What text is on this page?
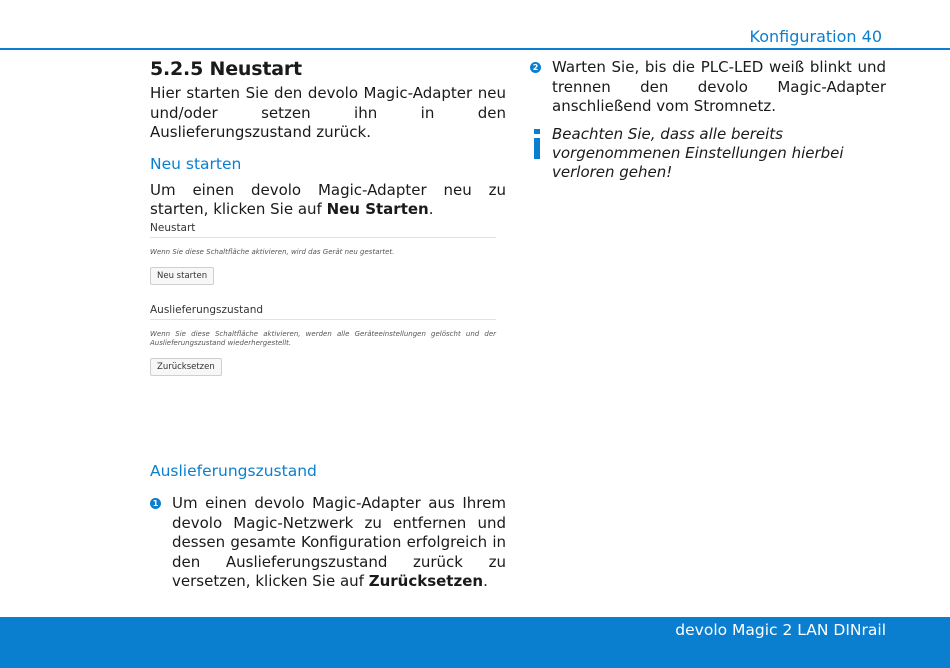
Konfiguration 40
5.2.5 Neustart

Hier starten Sie den devolo Magic-Adapter neu und/oder setzen ihn in den Auslieferungszustand zurück.

Neu starten

Um einen devolo Magic-Adapter neu zu starten, klicken Sie auf Neu Starten.

Neustart
Wenn Sie diese Schaltfläche aktivieren, wird das Gerät neu gestartet.
Neu starten
Auslieferungszustand
Wenn Sie diese Schaltfläche aktivieren, werden alle Geräteeinstellungen gelöscht und der Auslieferungszustand wiederhergestellt.
Zurücksetzen
Auslieferungszustand
1 Um einen devolo Magic-Adapter aus Ihrem devolo Magic-Netzwerk zu entfernen und dessen gesamte Konfiguration erfolgreich in den Auslieferungszustand zurück zu versetzen, klicken Sie auf Zurücksetzen.

2 Warten Sie, bis die PLC-LED weiß blinkt und trennen den devolo Magic-Adapter anschließend vom Stromnetz.

Beachten Sie, dass alle bereits vorgenommenen Einstellungen hierbei verloren gehen!
devolo Magic 2 LAN DINrail
